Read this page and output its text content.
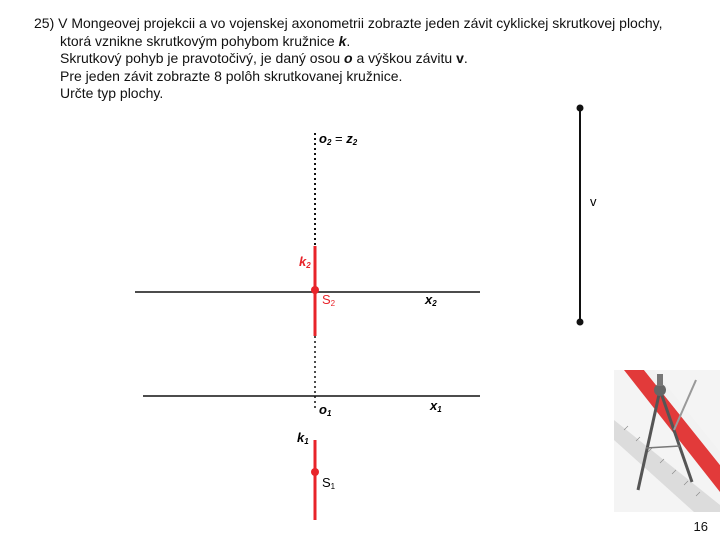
25) V Mongeovej projekcii a vo vojenskej axonometrii zobrazte jeden závit cyklickej skrutkovej plochy,
ktorá vznikne skrutkovým pohybom kružnice k.
Skrutkový pohyb je pravotočivý, je daný osou o a výškou závitu v.
Pre jeden závit zobrazte 8 polôh skrutkovanej kružnice.
Určte typ plochy.
o2 = z2
v
k2
S2	x2
o1
x1
k1
S1
16
